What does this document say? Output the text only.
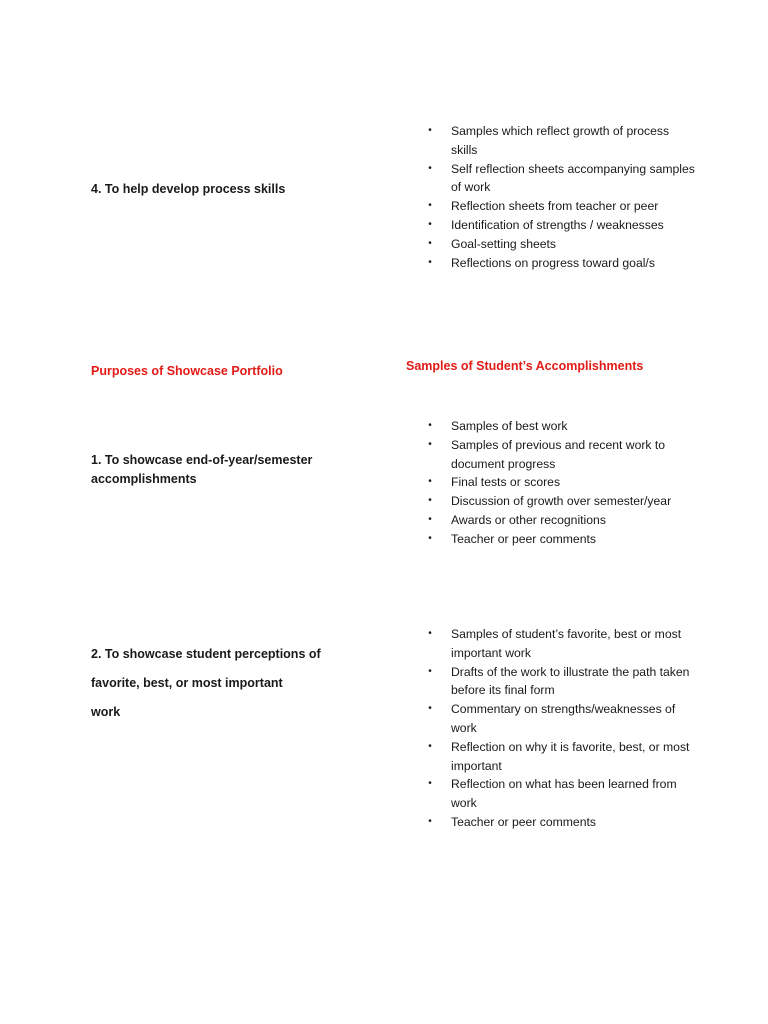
• Samples which reflect growth of process skills
• Self reflection sheets accompanying samples of work
• Reflection sheets from teacher or peer
• Identification of strengths / weaknesses
• Goal-setting sheets
• Reflections on progress toward goal/s
4. To help develop process skills
Purposes of Showcase Portfolio	Samples of Student’s Accomplishments
1. To showcase end-of-year/semester accomplishments
• Samples of best work
• Samples of previous and recent work to document progress
• Final tests or scores
• Discussion of growth over semester/year
• Awards or other recognitions
• Teacher or peer comments
2. To showcase student perceptions of
favorite, best, or most important
work
• Samples of student’s favorite, best or most important work
• Drafts of the work to illustrate the path taken before its final form
• Commentary on strengths/weaknesses of work
• Reflection on why it is favorite, best, or most important
• Reflection on what has been learned from work
• Teacher or peer comments
